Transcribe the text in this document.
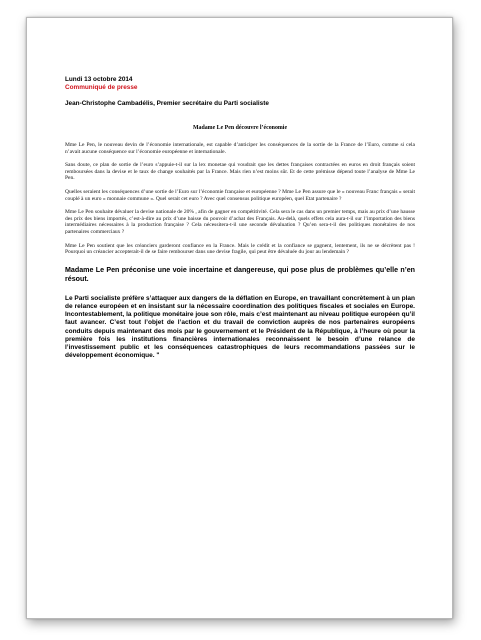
Lundi 13 octobre 2014
Communiqué de presse
Jean-Christophe Cambadélis, Premier secrétaire du Parti socialiste
Madame Le Pen découvre l’économie

Mme Le Pen, le nouveau devin de l’économie internationale, est capable d’anticiper les conséquences de la sortie de la France de l’Euro, comme si cela n’avait aucune conséquence sur l’économie européenne et internationale.

Sans doute, ce plan de sortie de l’euro s’appuie-t-il sur la lex monetae qui voudrait que les dettes françaises contractées en euros en droit français soient remboursées dans la devise et le taux de change souhaités par la France. Mais rien n’est moins sûr. Et de cette prémisse dépend toute l’analyse de Mme Le Pen.

Quelles seraient les conséquences d’une sortie de l’Euro sur l’économie française et européenne ? Mme Le Pen assure que le « nouveau Franc français » serait couplé à un euro « monnaie commune ». Quel serait cet euro ? Avec quel consensus politique européen, quel Etat partenaire ?

Mme Le Pen souhaite dévaluer la devise nationale de 20% , afin de gagner en compétitivité. Cela sera le cas dans un premier temps, mais au prix d’une hausse des prix des biens importés, c’est-à-dire au prix d’une baisse du pouvoir d’achat des Français. Au-delà, quels effets cela aura-t-il sur l’importation des biens intermédiaires nécessaires à la production française ? Cela nécessitera-t-il une seconde dévaluation ? Qu’en sera-t-il des politiques monétaires de nos partenaires commerciaux ?

Mme Le Pen soutient que les créanciers garderont confiance en la France. Mais le crédit et la confiance se gagnent, lentement, ils ne se décrètent pas ! Pourquoi un créancier accepterait-il de se faire rembourser dans une devise fragile, qui peut être dévaluée du jour au lendemain ?

Madame Le Pen préconise une voie incertaine et dangereuse, qui pose plus de problèmes qu’elle n’en résout.

Le Parti socialiste préfère s’attaquer aux dangers de la déflation en Europe, en travaillant concrètement à un plan de relance européen et en insistant sur la nécessaire coordination des politiques fiscales et sociales en Europe. Incontestablement, la politique monétaire joue son rôle, mais c’est maintenant au niveau politique européen qu’il faut avancer. C’est tout l’objet de l’action et du travail de conviction auprès de nos partenaires européens conduits depuis maintenant des mois par le gouvernement et le Président de la République, à l’heure où pour la première fois les institutions financières internationales reconnaissent le besoin d’une relance de l’investissement public et les conséquences catastrophiques de leurs recommandations passées sur le développement économique. "
